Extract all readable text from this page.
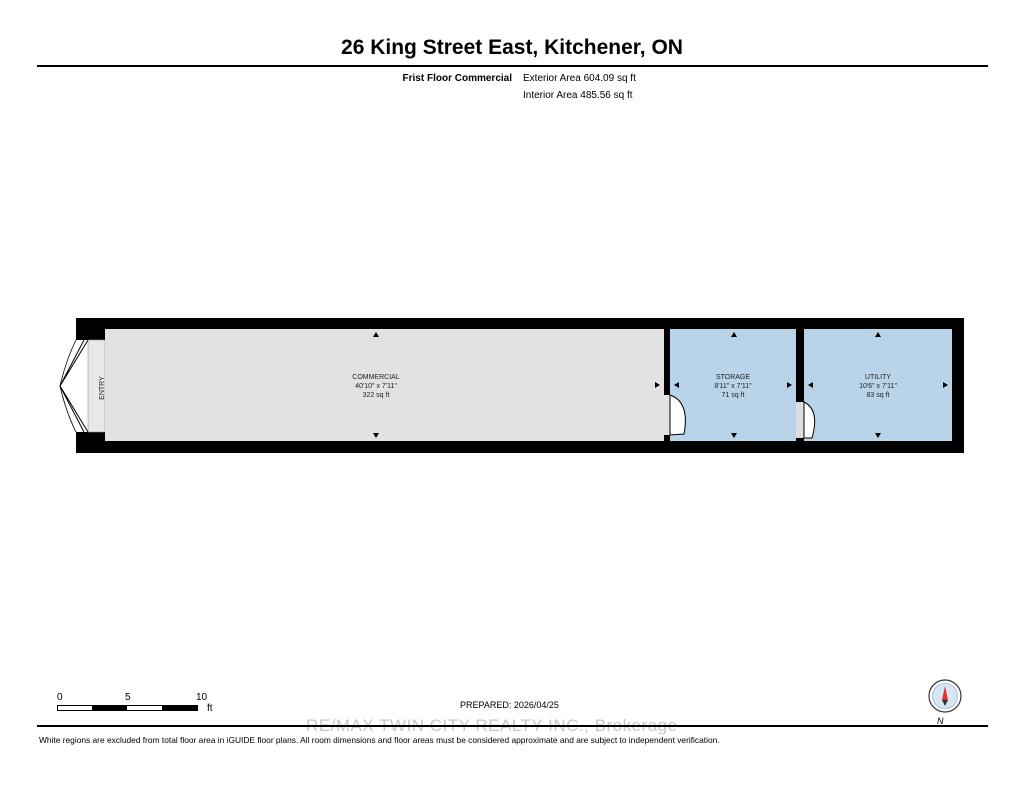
26 King Street East, Kitchener, ON
Frist Floor Commercial Exterior Area 604.09 sq ft
Interior Area 485.56 sq ft
ENTRY	COMMERCIAL
40'10" x 7'11"
322 sq ft
STORAGE
8'11" x 7'11"
71 sq ft
UTILITY
10'6" x 7'11"
83 sq ft
0	5	10
ft	PREPARED: 2026/04/25
N
RE/MAX TWIN CITY REALTY INC., Brokerage
White regions are excluded from total floor area in iGUIDE floor plans. All room dimensions and floor areas must be considered approximate and are subject to independent verification.
